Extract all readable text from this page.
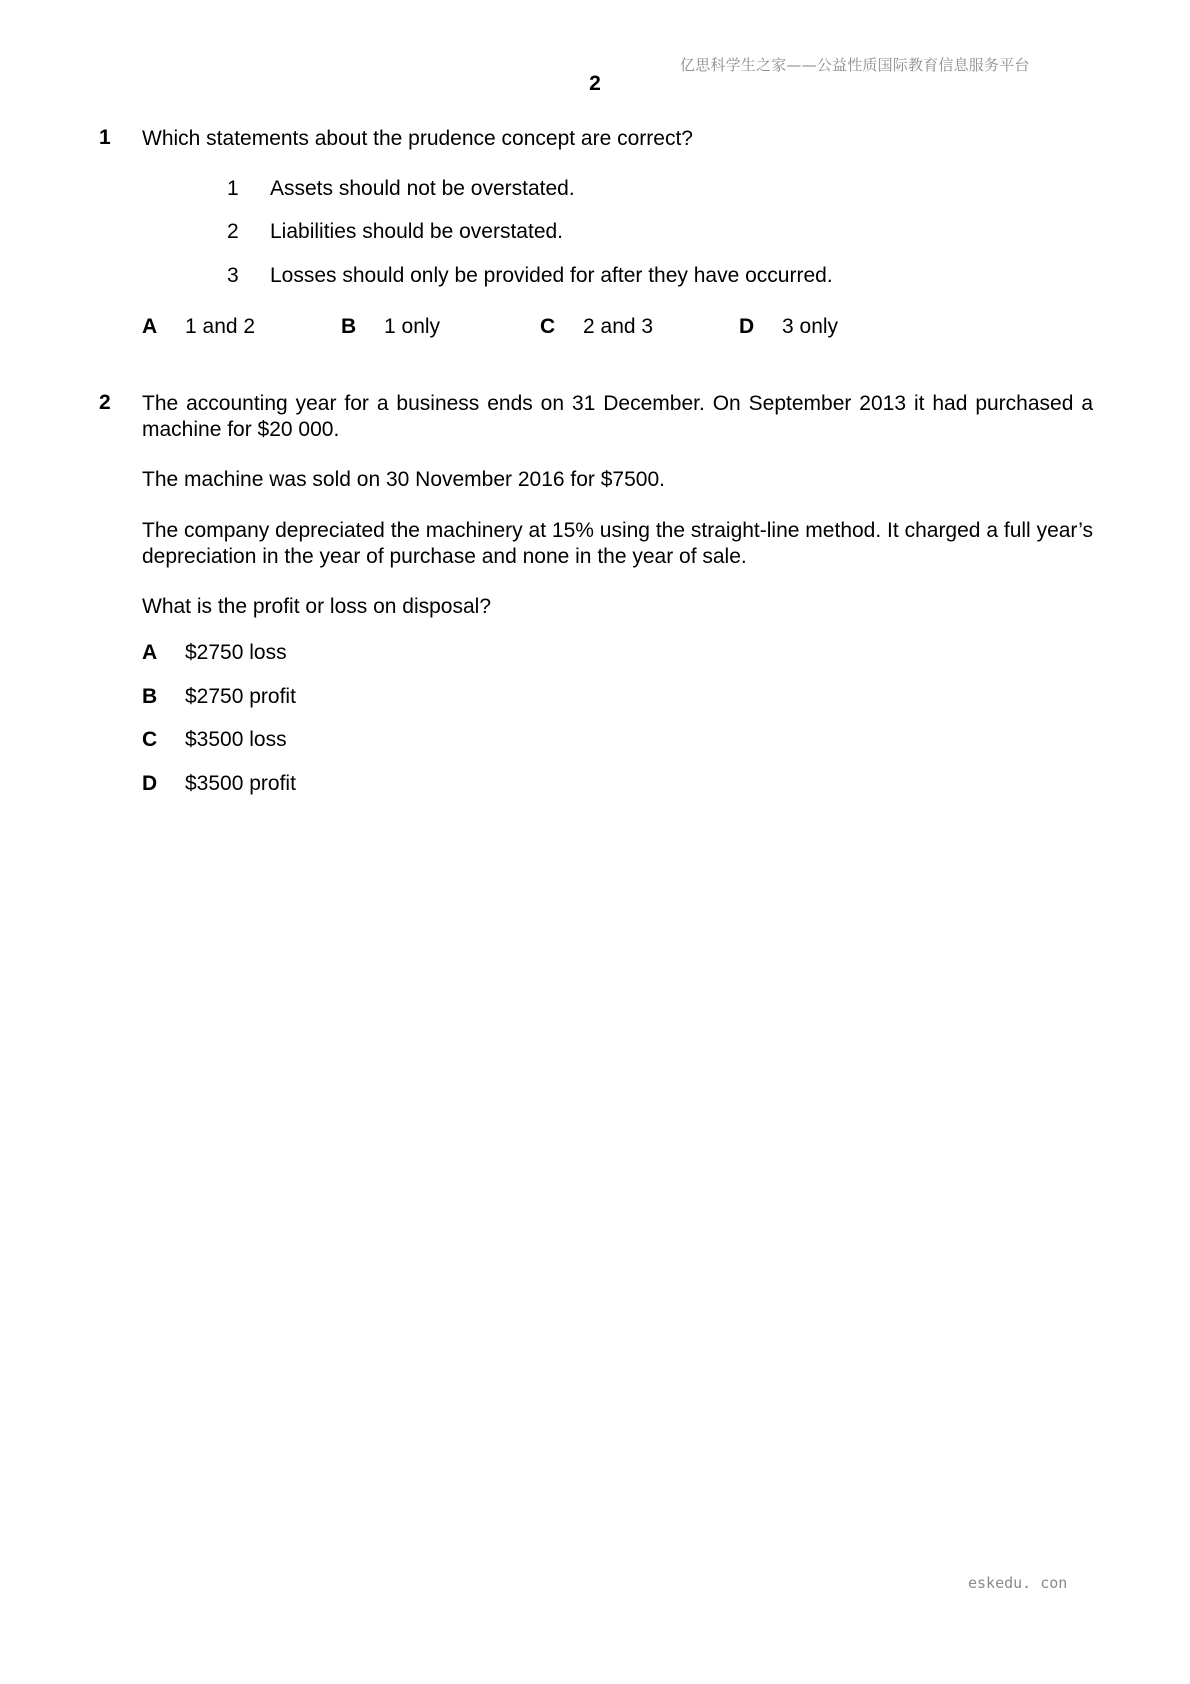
亿思科学生之家——公益性质国际教育信息服务平台
2
1 Which statements about the prudence concept are correct?
1 Assets should not be overstated.
2 Liabilities should be overstated.
3 Losses should only be provided for after they have occurred.
A 1 and 2	B 1 only	C 2 and 3	D 3 only
2 The accounting year for a business ends on 31 December. On September 2013 it had purchased a machine for $20 000.
The machine was sold on 30 November 2016 for $7500.
The company depreciated the machinery at 15% using the straight-line method. It charged a full year’s depreciation in the year of purchase and none in the year of sale.
What is the profit or loss on disposal?
A $2750 loss
B $2750 profit
C $3500 loss
D $3500 profit
eskedu. con
